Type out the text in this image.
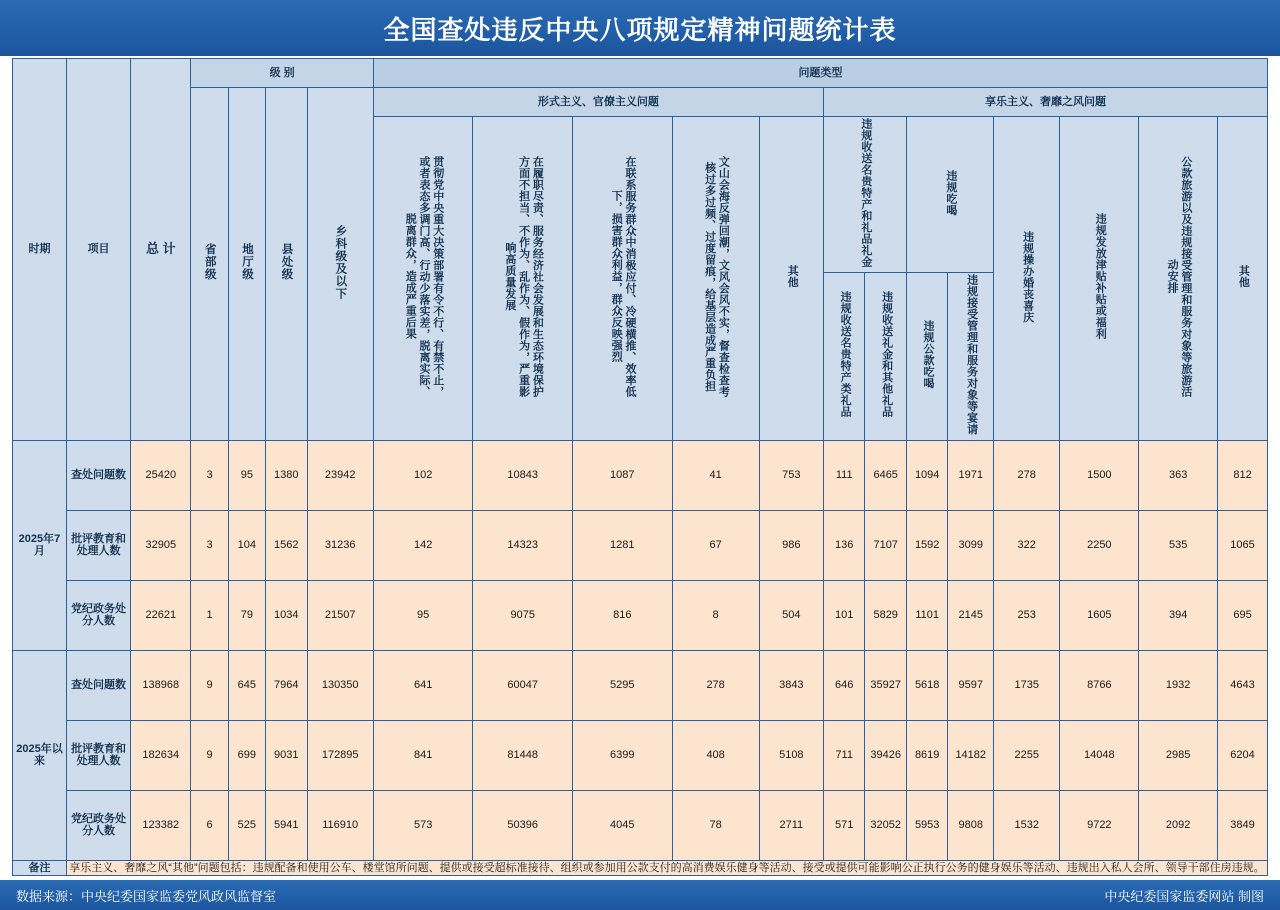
全国查处违反中央八项规定精神问题统计表
时期	项目	总 计	级 别				问题类型												
			省部级	地厅级	县处级	乡科级及以下	形式主义、官僚主义问题					享乐主义、奢靡之风问题							
							贯彻党中央重大决策部署有令不行、有禁不止，或者表态多调门高、行动少落实差，脱离实际、脱离群众，造成严重后果	在履职尽责、服务经济社会发展和生态环境保护方面不担当、不作为、乱作为、假作为，严重影响高质量发展	在联系服务群众中消极应付、冷硬横推、效率低下，损害群众利益，群众反映强烈	文山会海反弹回潮，文风会风不实，督查检查考核过多过频、过度留痕，给基层造成严重负担	其他	违规收送名贵特产和礼品礼金		违规吃喝		违规操办婚丧喜庆	违规发放津贴补贴或福利	公款旅游以及违规接受管理和服务对象等旅游活动安排	其他
												违规收送名贵特产类礼品	违规收送礼金和其他礼品	违规公款吃喝	违规接受管理和服务对象等宴请				
2025年7月	查处问题数	25420	3	95	1380	23942	102	10843	1087	41	753	111	6465	1094	1971	278	1500	363	812
	批评教育和处理人数	32905	3	104	1562	31236	142	14323	1281	67	986	136	7107	1592	3099	322	2250	535	1065
	党纪政务处分人数	22621	1	79	1034	21507	95	9075	816	8	504	101	5829	1101	2145	253	1605	394	695
2025年以来	查处问题数	138968	9	645	7964	130350	641	60047	5295	278	3843	646	35927	5618	9597	1735	8766	1932	4643
	批评教育和处理人数	182634	9	699	9031	172895	841	81448	6399	408	5108	711	39426	8619	14182	2255	14048	2985	6204
	党纪政务处分人数	123382	6	525	5941	116910	573	50396	4045	78	2711	571	32052	5953	9808	1532	9722	2092	3849
备注	享乐主义、奢靡之风“其他”问题包括：违规配备和使用公车、楼堂馆所问题、提供或接受超标准接待、组织或参加用公款支付的高消费娱乐健身等活动、接受或提供可能影响公正执行公务的健身娱乐等活动、违规出入私人会所、领导干部住房违规。																		
数据来源：中央纪委国家监委党风政风监督室	中央纪委国家监委网站 制图
